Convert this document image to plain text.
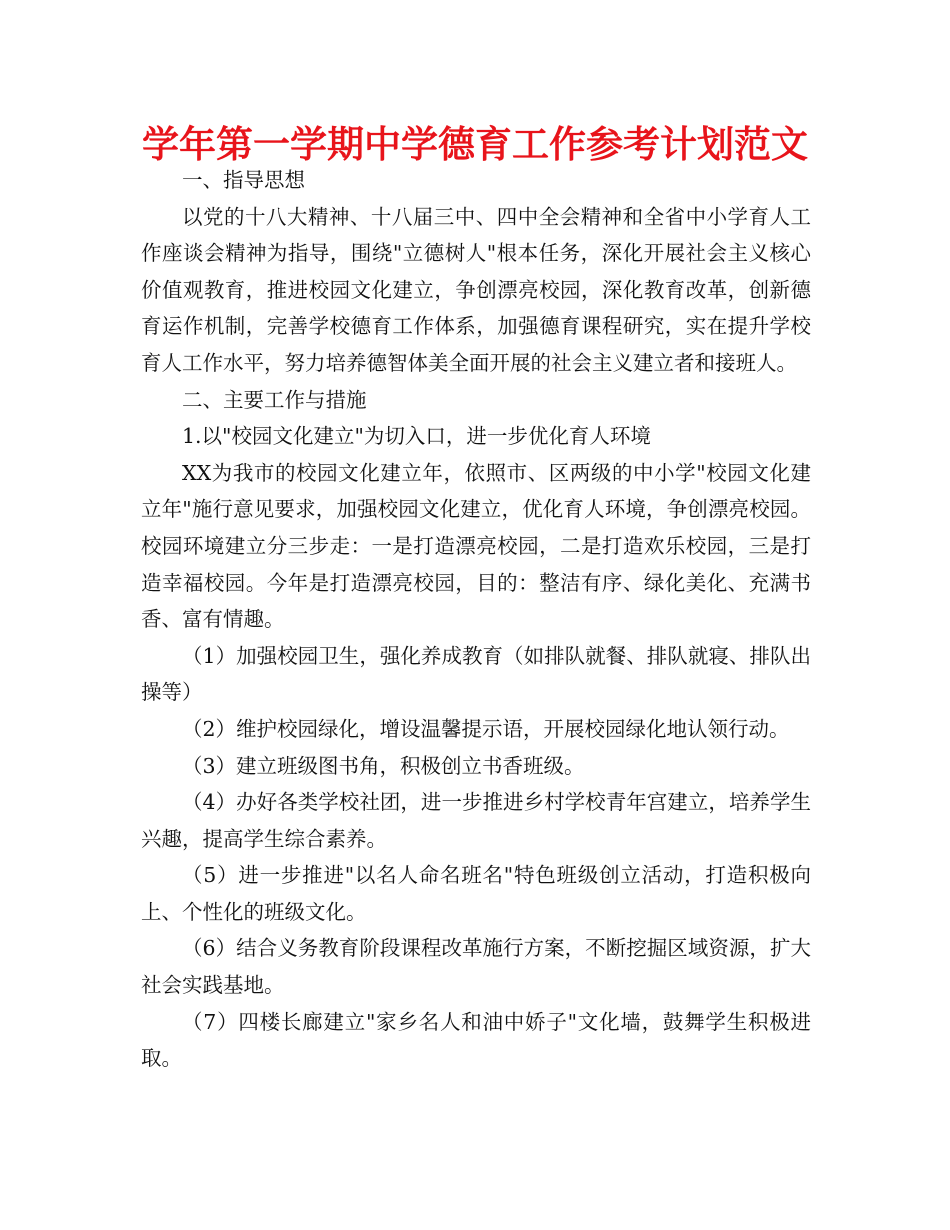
学年第一学期中学德育工作参考计划范文

一、指导思想

以党的十八大精神、十八届三中、四中全会精神和全省中小学育人工作座谈会精神为指导，围绕"立德树人"根本任务，深化开展社会主义核心价值观教育，推进校园文化建立，争创漂亮校园，深化教育改革，创新德育运作机制，完善学校德育工作体系，加强德育课程研究，实在提升学校育人工作水平，努力培养德智体美全面开展的社会主义建立者和接班人。

二、主要工作与措施

1.以"校园文化建立"为切入口，进一步优化育人环境

XX为我市的校园文化建立年，依照市、区两级的中小学"校园文化建立年"施行意见要求，加强校园文化建立，优化育人环境，争创漂亮校园。校园环境建立分三步走：一是打造漂亮校园，二是打造欢乐校园，三是打造幸福校园。今年是打造漂亮校园，目的：整洁有序、绿化美化、充满书香、富有情趣。

（1）加强校园卫生，强化养成教育（如排队就餐、排队就寝、排队出操等）

（2）维护校园绿化，增设温馨提示语，开展校园绿化地认领行动。

（3）建立班级图书角，积极创立书香班级。

（4）办好各类学校社团，进一步推进乡村学校青年宫建立，培养学生兴趣，提高学生综合素养。

（5）进一步推进"以名人命名班名"特色班级创立活动，打造积极向上、个性化的班级文化。

（6）结合义务教育阶段课程改革施行方案，不断挖掘区域资源，扩大社会实践基地。

（7）四楼长廊建立"家乡名人和油中娇子"文化墙，鼓舞学生积极进取。
